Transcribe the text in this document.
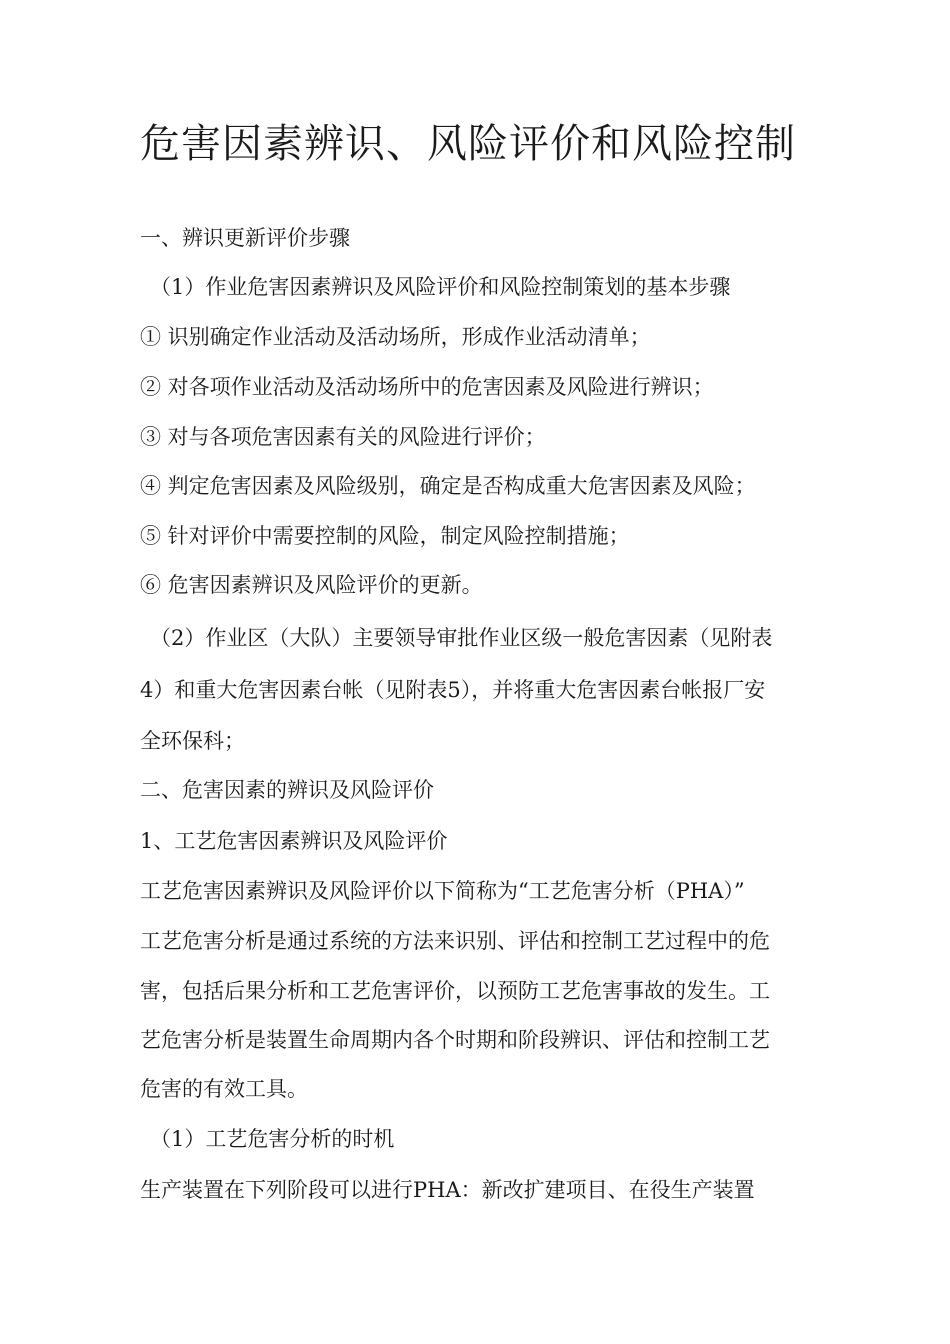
危害因素辨识、风险评价和风险控制
一、辨识更新评价步骤
（1）作业危害因素辨识及风险评价和风险控制策划的基本步骤
① 识别确定作业活动及活动场所，形成作业活动清单；
② 对各项作业活动及活动场所中的危害因素及风险进行辨识；
③ 对与各项危害因素有关的风险进行评价；
④ 判定危害因素及风险级别，确定是否构成重大危害因素及风险；
⑤ 针对评价中需要控制的风险，制定风险控制措施；
⑥ 危害因素辨识及风险评价的更新。
（2）作业区（大队）主要领导审批作业区级一般危害因素（见附表
4）和重大危害因素台帐（见附表5），并将重大危害因素台帐报厂安
全环保科；
二、危害因素的辨识及风险评价
1、工艺危害因素辨识及风险评价
工艺危害因素辨识及风险评价以下简称为“工艺危害分析（PHA）”
工艺危害分析是通过系统的方法来识别、评估和控制工艺过程中的危
害，包括后果分析和工艺危害评价，以预防工艺危害事故的发生。工
艺危害分析是装置生命周期内各个时期和阶段辨识、评估和控制工艺
危害的有效工具。
（1）工艺危害分析的时机
生产装置在下列阶段可以进行PHA：新改扩建项目、在役生产装置
